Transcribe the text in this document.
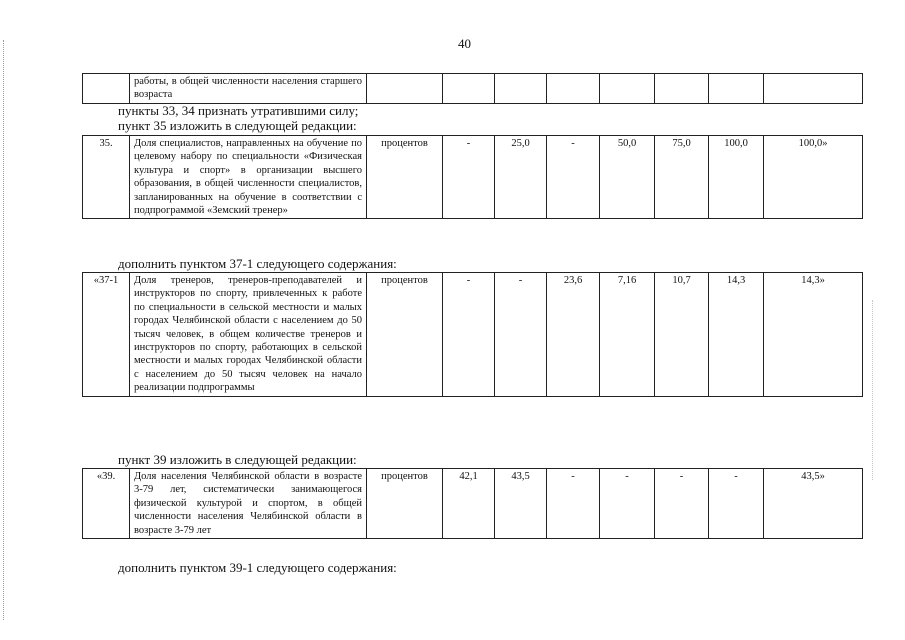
40
	работы, в общей численности населения старшего возраста								
пункты 33, 34 признать утратившими силу;
пункт 35 изложить в следующей редакции:
35.	Доля специалистов, направленных на обучение по целевому набору по специальности «Физическая культура и спорт» в организации высшего образования, в общей численности специалистов, запланированных на обучение в соответствии с подпрограммой «Земский тренер»	процентов	-	25,0	-	50,0	75,0	100,0	100,0»
дополнить пунктом 37-1 следующего содержания:
«37-1	Доля тренеров, тренеров-преподавателей и инструкторов по спорту, привлеченных к работе по специальности в сельской местности и малых городах Челябинской области с населением до 50 тысяч человек, в общем количестве тренеров и инструкторов по спорту, работающих в сельской местности и малых городах Челябинской области с населением до 50 тысяч человек на начало реализации подпрограммы	процентов	-	-	23,6	7,16	10,7	14,3	14,3»
пункт 39 изложить в следующей редакции:
«39.	Доля населения Челябинской области в возрасте 3-79 лет, систематически занимающегося физической культурой и спортом, в общей численности населения Челябинской области в возрасте 3-79 лет	процентов	42,1	43,5	-	-	-	-	43,5»
дополнить пунктом 39-1 следующего содержания:
